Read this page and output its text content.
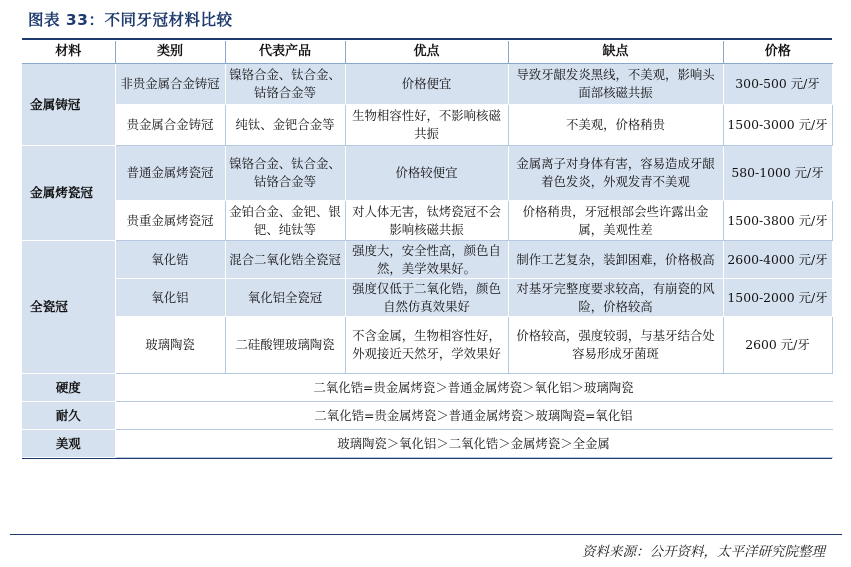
图表 33：不同牙冠材料比较
材料	类别	代表产品	优点	缺点	价格
金属铸冠	非贵金属合金铸冠	镍铬合金、钛合金、钴铬合金等	价格便宜	导致牙龈发炎黑线，不美观，影响头面部核磁共振	300-500 元/牙
	贵金属合金铸冠	纯钛、金钯合金等	生物相容性好，不影响核磁共振	不美观，价格稍贵	1500-3000 元/牙
金属烤瓷冠	普通金属烤瓷冠	镍铬合金、钛合金、钴铬合金等	价格较便宜	金属离子对身体有害，容易造成牙龈着色发炎，外观发青不美观	580-1000 元/牙
	贵重金属烤瓷冠	金铂合金、金钯、银钯、纯钛等	对人体无害，钛烤瓷冠不会影响核磁共振	价格稍贵，牙冠根部会些许露出金属，美观性差	1500-3800 元/牙
全瓷冠	氧化锆	混合二氧化锆全瓷冠	强度大，安全性高，颜色自然，美学效果好。	制作工艺复杂，装卸困难，价格极高	2600-4000 元/牙
	氧化铝	氧化铝全瓷冠	强度仅低于二氧化锆，颜色自然仿真效果好	对基牙完整度要求较高，有崩瓷的风险，价格较高	1500-2000 元/牙
	玻璃陶瓷	二硅酸锂玻璃陶瓷	不含金属，生物相容性好，外观接近天然牙，学效果好	价格较高，强度较弱，与基牙结合处容易形成牙菌斑	2600 元/牙
硬度	二氧化锆=贵金属烤瓷＞普通金属烤瓷＞氧化铝＞玻璃陶瓷				
耐久	二氧化锆=贵金属烤瓷＞普通金属烤瓷＞玻璃陶瓷=氧化铝				
美观	玻璃陶瓷＞氧化铝＞二氧化锆＞金属烤瓷＞全金属				
资料来源：公开资料，太平洋研究院整理
